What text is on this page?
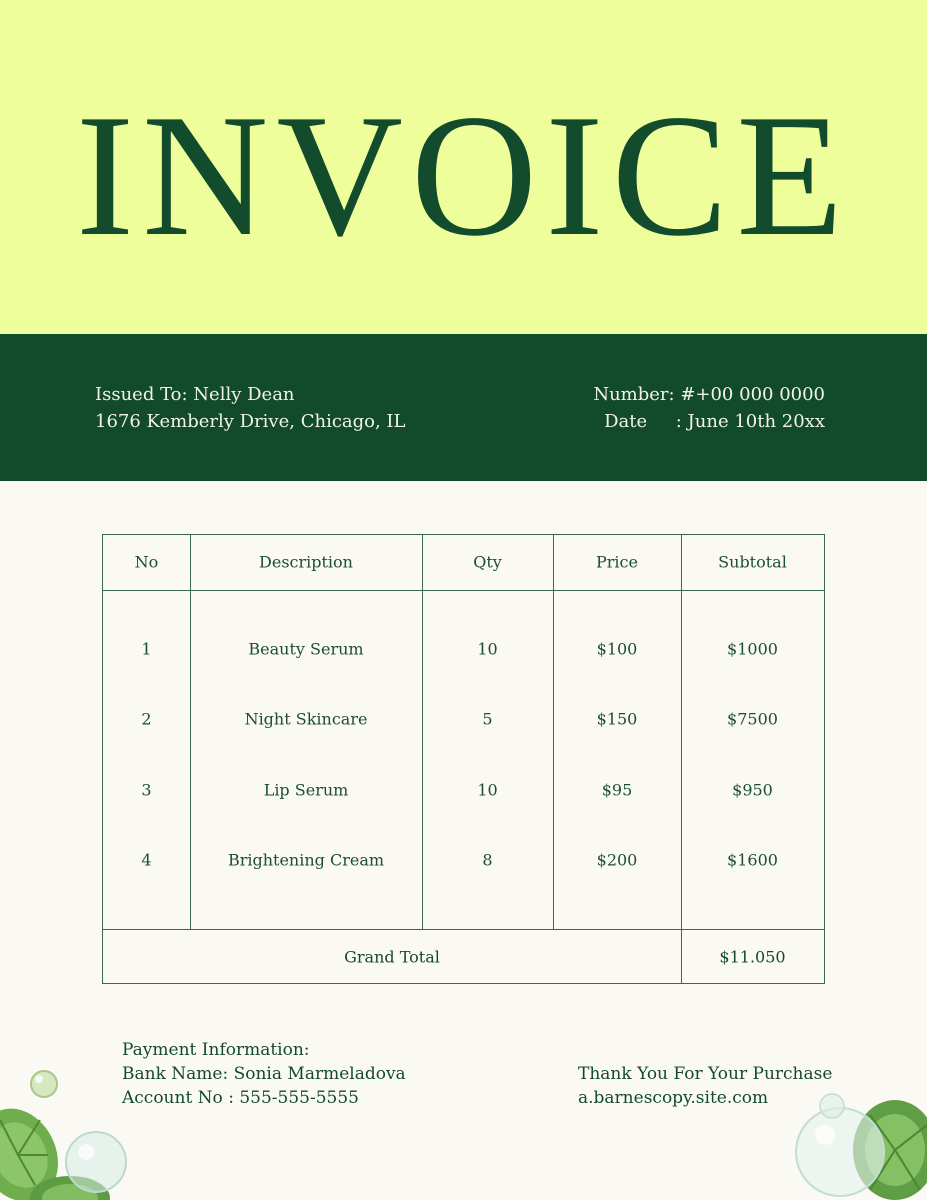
INVOICE
Issued To: Nelly Dean
1676 Kemberly Drive, Chicago, IL
Number: #+00 000 0000
Date     : June 10th 20xx
No	Description	Qty	Price	Subtotal
1	Beauty Serum	10	$100	$1000
2	Night Skincare	5	$150	$7500
3	Lip Serum	10	$95	$950
4	Brightening Cream	8	$200	$1600
Grand Total	$11.050
Payment Information:
Bank Name: Sonia Marmeladova
Account No : 555-555-5555
Thank You For Your Purchase
a.barnescopy.site.com
